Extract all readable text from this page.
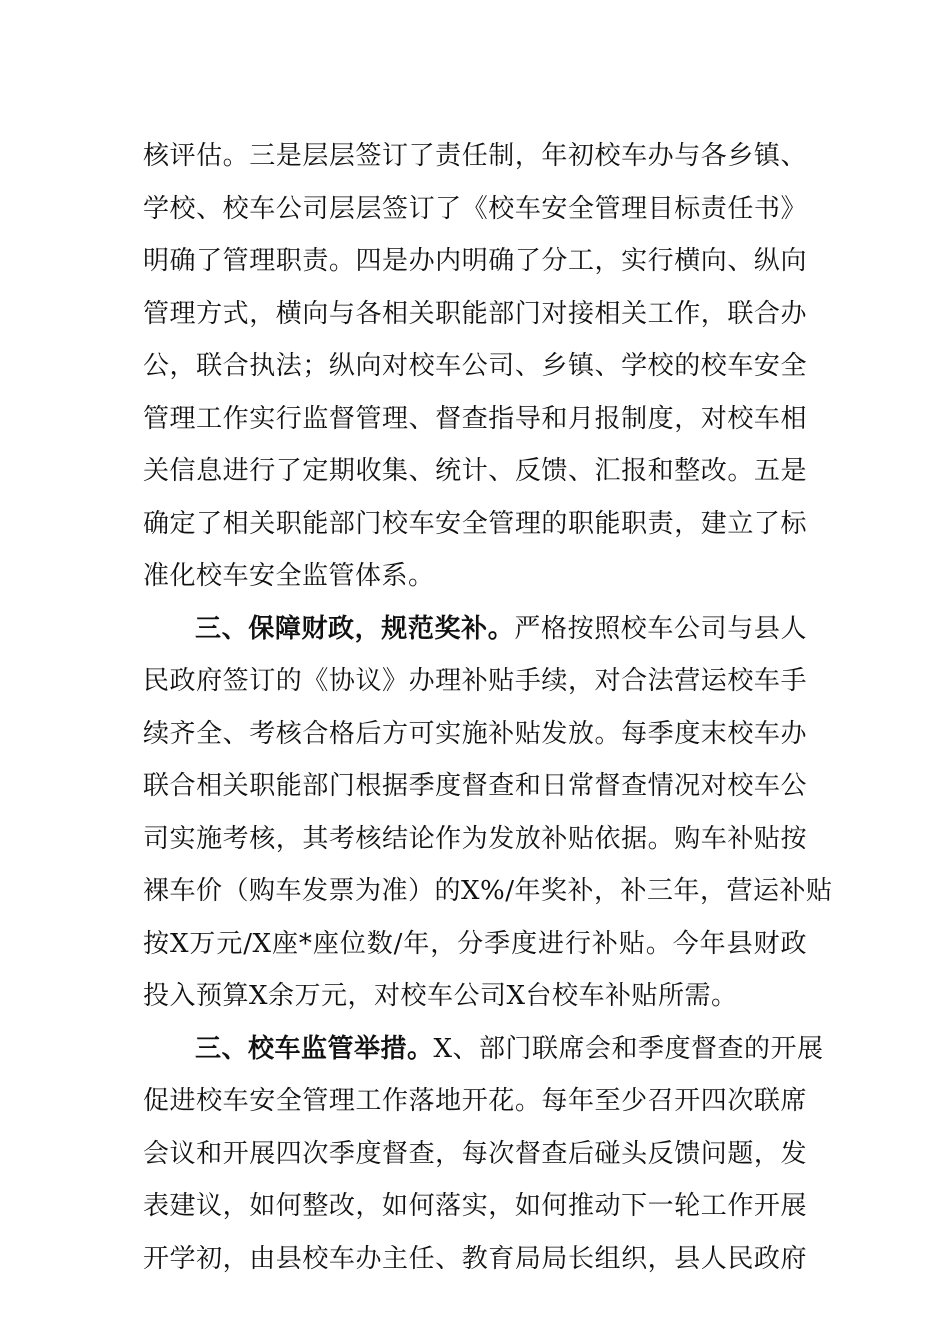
核评估。三是层层签订了责任制，年初校车办与各乡镇、
学校、校车公司层层签订了《校车安全管理目标责任书》
明确了管理职责。四是办内明确了分工，实行横向、纵向
管理方式，横向与各相关职能部门对接相关工作，联合办
公，联合执法；纵向对校车公司、乡镇、学校的校车安全
管理工作实行监督管理、督查指导和月报制度，对校车相
关信息进行了定期收集、统计、反馈、汇报和整改。五是
确定了相关职能部门校车安全管理的职能职责，建立了标
准化校车安全监管体系。
三、保障财政，规范奖补。严格按照校车公司与县人
民政府签订的《协议》办理补贴手续，对合法营运校车手
续齐全、考核合格后方可实施补贴发放。每季度末校车办
联合相关职能部门根据季度督查和日常督查情况对校车公
司实施考核，其考核结论作为发放补贴依据。购车补贴按
裸车价（购车发票为准）的X%/年奖补，补三年，营运补贴
按X万元/X座*座位数/年，分季度进行补贴。今年县财政
投入预算X余万元，对校车公司X台校车补贴所需。
三、校车监管举措。X、部门联席会和季度督查的开展
促进校车安全管理工作落地开花。每年至少召开四次联席
会议和开展四次季度督查，每次督查后碰头反馈问题，发
表建议，如何整改，如何落实，如何推动下一轮工作开展
开学初，由县校车办主任、教育局局长组织，县人民政府
